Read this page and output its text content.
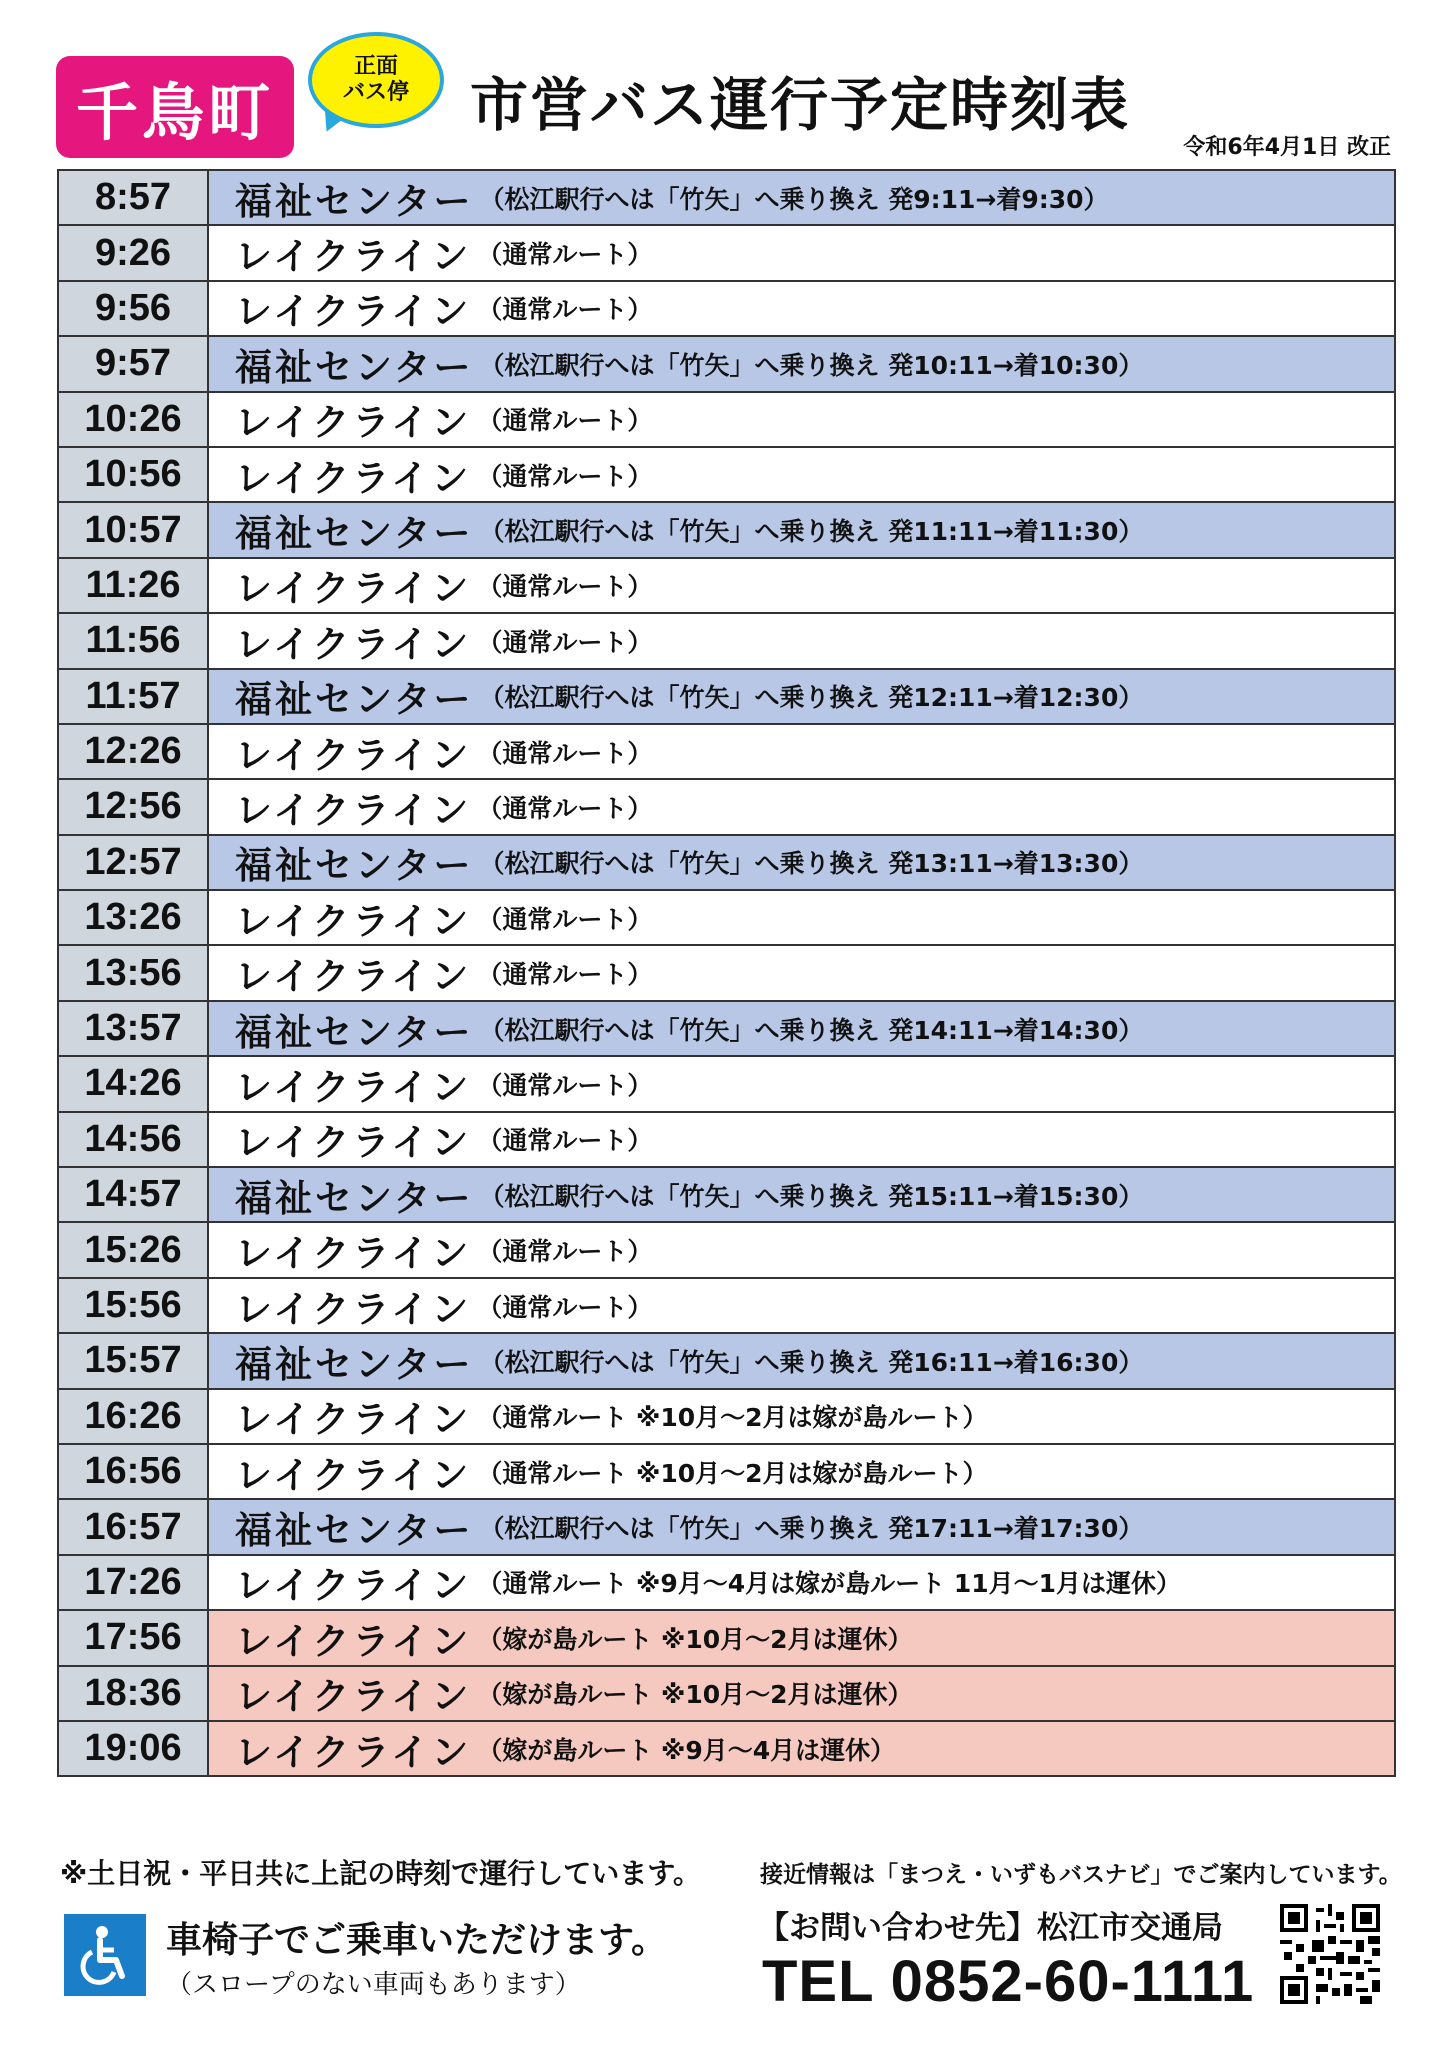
千鳥町
正面
バス停 市営バス運行予定時刻表
令和6年4月1日 改正
8:57	福祉センター （松江駅行へは「竹矢」へ乗り換え 発9:11→着9:30）
9:26	レイクライン （通常ルート）
9:56	レイクライン （通常ルート）
9:57	福祉センター （松江駅行へは「竹矢」へ乗り換え 発10:11→着10:30）
10:26	レイクライン （通常ルート）
10:56	レイクライン （通常ルート）
10:57	福祉センター （松江駅行へは「竹矢」へ乗り換え 発11:11→着11:30）
11:26	レイクライン （通常ルート）
11:56	レイクライン （通常ルート）
11:57	福祉センター （松江駅行へは「竹矢」へ乗り換え 発12:11→着12:30）
12:26	レイクライン （通常ルート）
12:56	レイクライン （通常ルート）
12:57	福祉センター （松江駅行へは「竹矢」へ乗り換え 発13:11→着13:30）
13:26	レイクライン （通常ルート）
13:56	レイクライン （通常ルート）
13:57	福祉センター （松江駅行へは「竹矢」へ乗り換え 発14:11→着14:30）
14:26	レイクライン （通常ルート）
14:56	レイクライン （通常ルート）
14:57	福祉センター （松江駅行へは「竹矢」へ乗り換え 発15:11→着15:30）
15:26	レイクライン （通常ルート）
15:56	レイクライン （通常ルート）
15:57	福祉センター （松江駅行へは「竹矢」へ乗り換え 発16:11→着16:30）
16:26	レイクライン （通常ルート ※10月～2月は嫁が島ルート）
16:56	レイクライン （通常ルート ※10月～2月は嫁が島ルート）
16:57	福祉センター （松江駅行へは「竹矢」へ乗り換え 発17:11→着17:30）
17:26	レイクライン （通常ルート ※9月～4月は嫁が島ルート 11月～1月は運休）
17:56	レイクライン （嫁が島ルート ※10月～2月は運休）
18:36	レイクライン （嫁が島ルート ※10月～2月は運休）
19:06	レイクライン （嫁が島ルート ※9月～4月は運休）
※土日祝・平日共に上記の時刻で運行しています。	接近情報は「まつえ・いずもバスナビ」でご案内しています。
車椅子でご乗車いただけます。
（スロープのない車両もあります）
【お問い合わせ先】松江市交通局
TEL 0852-60-1111
